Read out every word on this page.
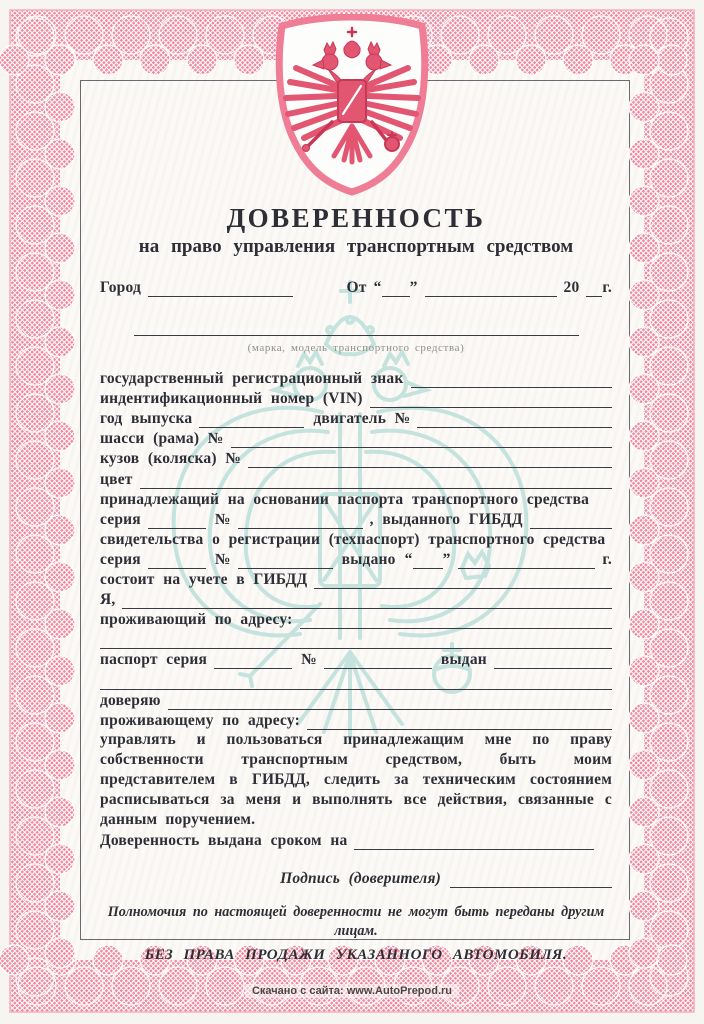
ДОВЕРЕННОСТЬ
на право управления транспортным средством
Город	От “ ”	20 г.
(марка, модель транспортного средства)
государственный регистрационный знак
индентификационный номер (VIN)
год выпуска	двигатель №
шасси (рама) №
кузов (коляска) №
цвет
принадлежащий на основании паспорта транспортного средства
серия	№	, выданного ГИБДД
свидетельства о регистрации (техпаспорт) транспортного средства
серия	№	выдано “ ”	г.
состоит на учете в ГИБДД
Я,
проживающий по адресу:
паспорт серия	№	выдан
доверяю
проживающему по адресу:

управлять и пользоваться принадлежащим мне по праву собственности транспортным средством, быть моим представителем в ГИБДД, следить за техническим состоянием расписываться за меня и выполнять все действия, связанные с данным поручением.

Доверенность выдана сроком на
Подпись (доверителя)
Полномочия по настоящей доверенности не могут быть переданы другим лицам.
БЕЗ ПРАВА ПРОДАЖИ УКАЗАННОГО АВТОМОБИЛЯ.
Скачано с сайта: www.AutoPrepod.ru
